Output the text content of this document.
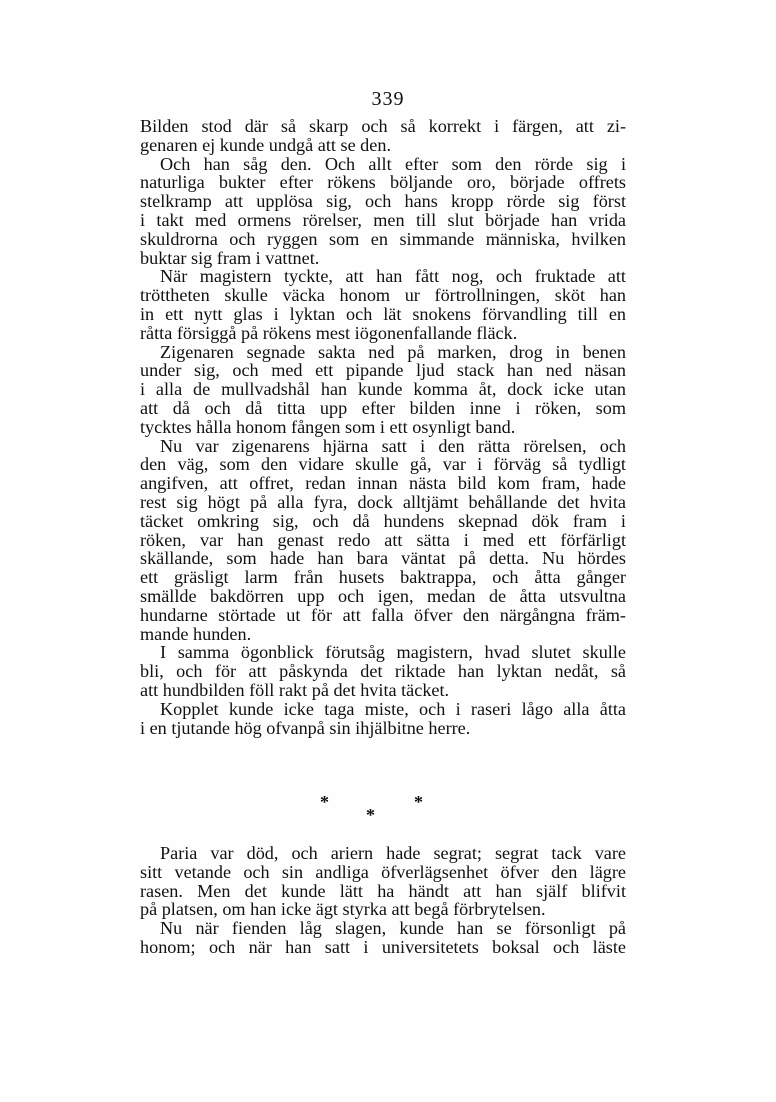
339
Bilden stod där så skarp och så korrekt i färgen, att zi-
genaren ej kunde undgå att se den.
Och han såg den. Och allt efter som den rörde sig i
naturliga bukter efter rökens böljande oro, började offrets
stelkramp att upplösa sig, och hans kropp rörde sig först
i takt med ormens rörelser, men till slut började han vrida
skuldrorna och ryggen som en simmande människa, hvilken
buktar sig fram i vattnet.
När magistern tyckte, att han fått nog, och fruktade att
tröttheten skulle väcka honom ur förtrollningen, sköt han
in ett nytt glas i lyktan och lät snokens förvandling till en
råtta försiggå på rökens mest iögonenfallande fläck.
Zigenaren segnade sakta ned på marken, drog in benen
under sig, och med ett pipande ljud stack han ned näsan
i alla de mullvadshål han kunde komma åt, dock icke utan
att då och då titta upp efter bilden inne i röken, som
tycktes hålla honom fången som i ett osynligt band.
Nu var zigenarens hjärna satt i den rätta rörelsen, och
den väg, som den vidare skulle gå, var i förväg så tydligt
angifven, att offret, redan innan nästa bild kom fram, hade
rest sig högt på alla fyra, dock alltjämt behållande det hvita
täcket omkring sig, och då hundens skepnad dök fram i
röken, var han genast redo att sätta i med ett förfärligt
skällande, som hade han bara väntat på detta. Nu hördes
ett gräsligt larm från husets baktrappa, och åtta gånger
smällde bakdörren upp och igen, medan de åtta utsvultna
hundarne störtade ut för att falla öfver den närgångna främ-
mande hunden.
I samma ögonblick förutsåg magistern, hvad slutet skulle
bli, och för att påskynda det riktade han lyktan nedåt, så
att hundbilden föll rakt på det hvita täcket.
Kopplet kunde icke taga miste, och i raseri lågo alla åtta
i en tjutande hög ofvanpå sin ihjälbitne herre.
*
*
*
Paria var död, och ariern hade segrat; segrat tack vare
sitt vetande och sin andliga öfverlägsenhet öfver den lägre
rasen. Men det kunde lätt ha händt att han själf blifvit
på platsen, om han icke ägt styrka att begå förbrytelsen.
Nu när fienden låg slagen, kunde han se försonligt på
honom; och när han satt i universitetets boksal och läste
